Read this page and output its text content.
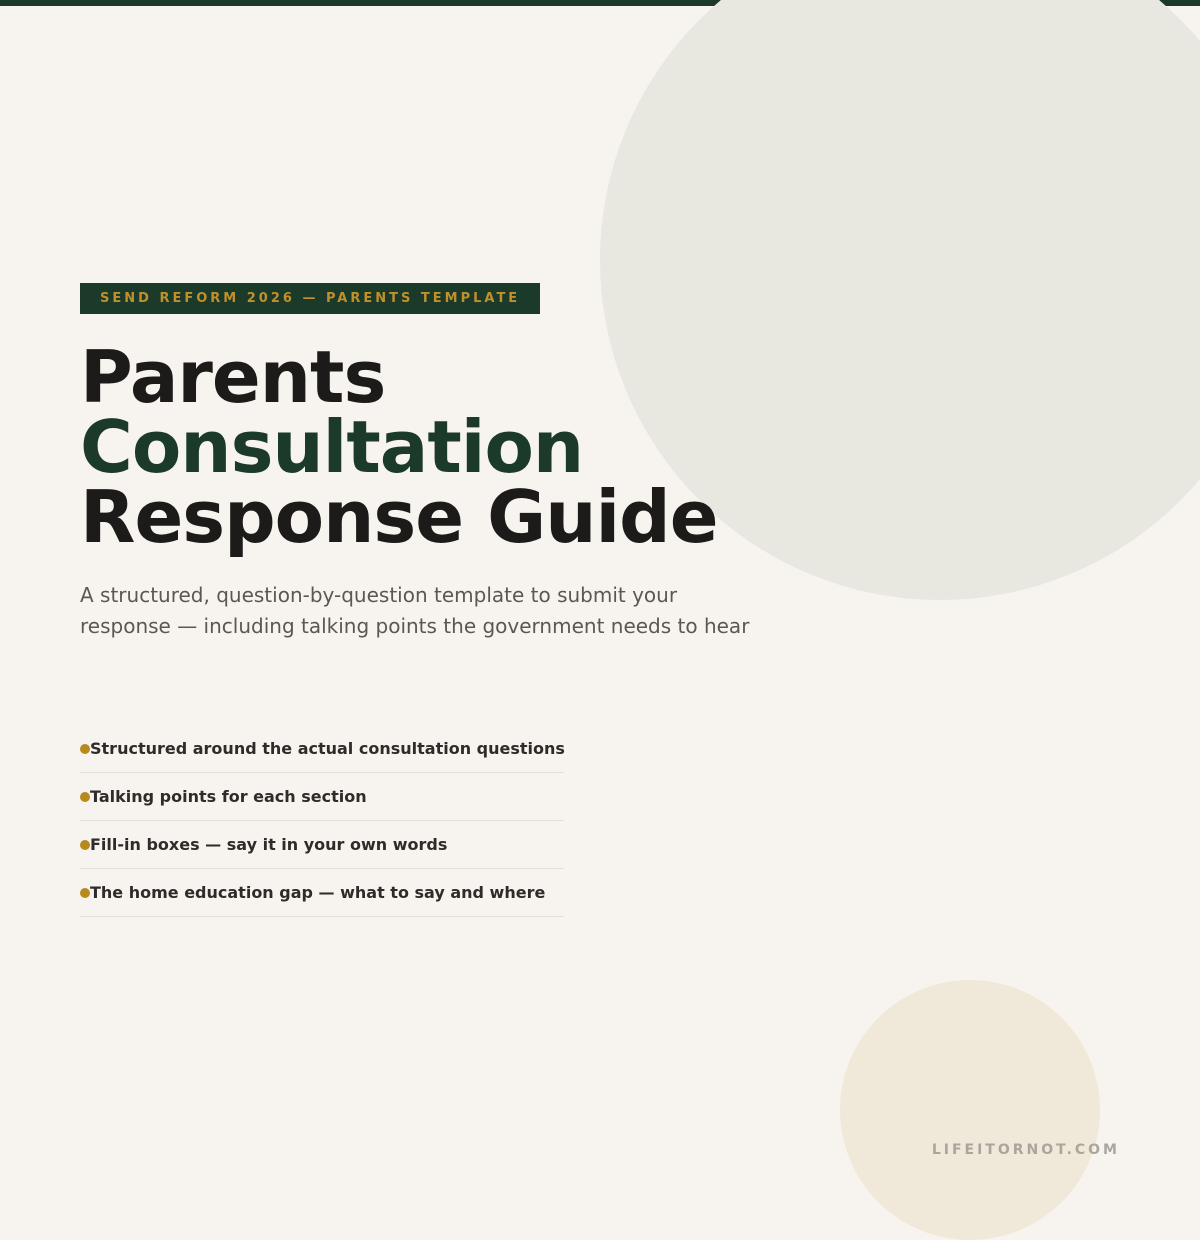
SEND REFORM 2026 — PARENTS TEMPLATE
Parents
Consultation
Response Guide

A structured, question-by-question template to submit your response — including talking points the government needs to hear

Structured around the actual consultation questions
Talking points for each section
Fill-in boxes — say it in your own words
The home education gap — what to say and where
LIFEITORNOT.COM
